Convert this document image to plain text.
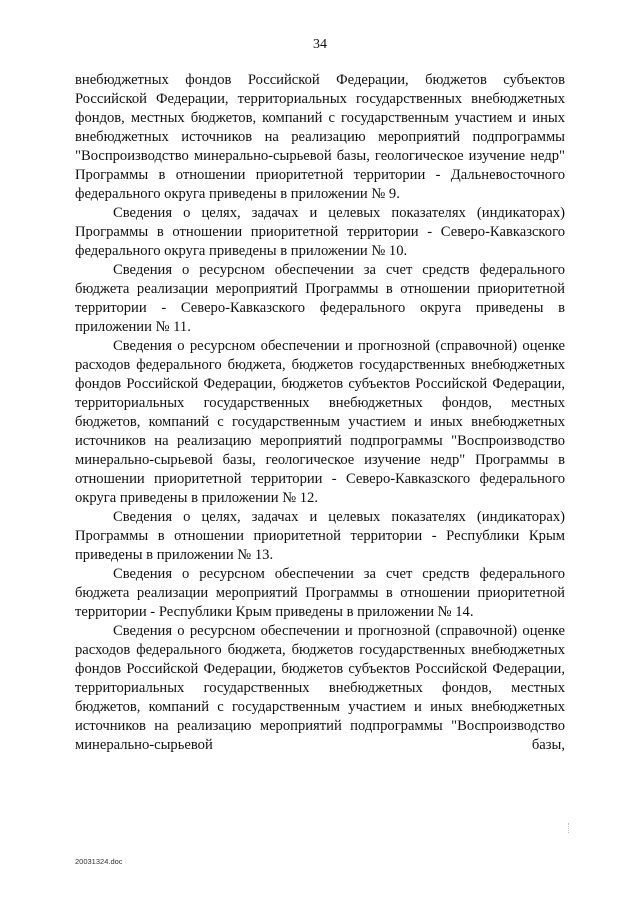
34

внебюджетных фондов Российской Федерации, бюджетов субъектов Российской Федерации, территориальных государственных внебюджетных фондов, местных бюджетов, компаний с государственным участием и иных внебюджетных источников на реализацию мероприятий подпрограммы "Воспроизводство минерально-сырьевой базы, геологическое изучение недр" Программы в отношении приоритетной территории - Дальневосточного федерального округа приведены в приложении № 9.

Сведения о целях, задачах и целевых показателях (индикаторах) Программы в отношении приоритетной территории - Северо-Кавказского федерального округа приведены в приложении № 10.

Сведения о ресурсном обеспечении за счет средств федерального бюджета реализации мероприятий Программы в отношении приоритетной территории - Северо-Кавказского федерального округа приведены в приложении № 11.

Сведения о ресурсном обеспечении и прогнозной (справочной) оценке расходов федерального бюджета, бюджетов государственных внебюджетных фондов Российской Федерации, бюджетов субъектов Российской Федерации, территориальных государственных внебюджетных фондов, местных бюджетов, компаний с государственным участием и иных внебюджетных источников на реализацию мероприятий подпрограммы "Воспроизводство минерально-сырьевой базы, геологическое изучение недр" Программы в отношении приоритетной территории - Северо-Кавказского федерального округа приведены в приложении № 12.

Сведения о целях, задачах и целевых показателях (индикаторах) Программы в отношении приоритетной территории - Республики Крым приведены в приложении № 13.

Сведения о ресурсном обеспечении за счет средств федерального бюджета реализации мероприятий Программы в отношении приоритетной территории - Республики Крым приведены в приложении № 14.

Сведения о ресурсном обеспечении и прогнозной (справочной) оценке расходов федерального бюджета, бюджетов государственных внебюджетных фондов Российской Федерации, бюджетов субъектов Российской Федерации, территориальных государственных внебюджетных фондов, местных бюджетов, компаний с государственным участием и иных внебюджетных источников на реализацию мероприятий подпрограммы "Воспроизводство минерально-сырьевой базы,

20031324.doc
